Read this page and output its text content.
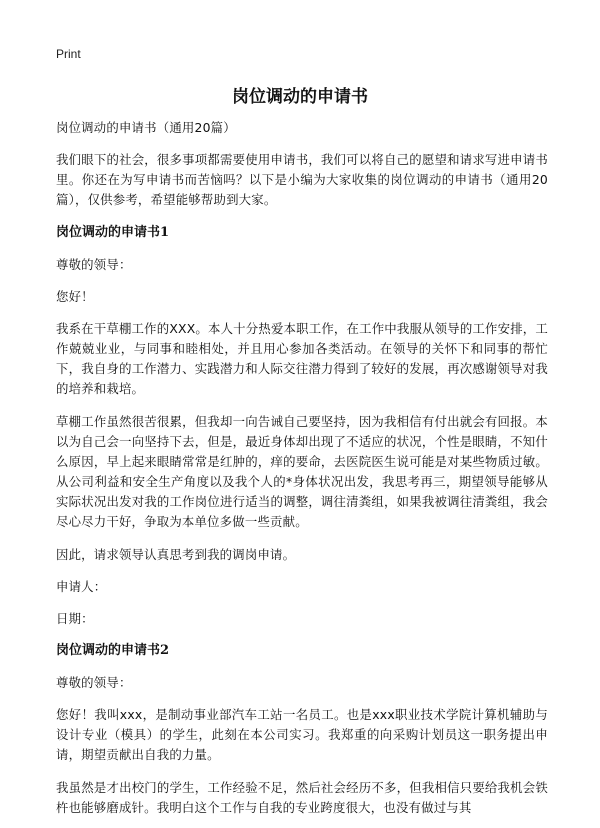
Print
岗位调动的申请书

岗位调动的申请书（通用20篇）

我们眼下的社会，很多事项都需要使用申请书，我们可以将自己的愿望和请求写进申请书里。你还在为写申请书而苦恼吗？以下是小编为大家收集的岗位调动的申请书（通用20篇），仅供参考，希望能够帮助到大家。

岗位调动的申请书1

尊敬的领导：

您好！

我系在干草棚工作的XXX。本人十分热爱本职工作，在工作中我服从领导的工作安排，工作兢兢业业，与同事和睦相处，并且用心参加各类活动。在领导的关怀下和同事的帮忙下，我自身的工作潜力、实践潜力和人际交往潜力得到了较好的发展，再次感谢领导对我的培养和栽培。

草棚工作虽然很苦很累，但我却一向告诫自己要坚持，因为我相信有付出就会有回报。本以为自己会一向坚持下去，但是，最近身体却出现了不适应的状况，个性是眼睛，不知什么原因，早上起来眼睛常常是红肿的，痒的要命，去医院医生说可能是对某些物质过敏。从公司利益和安全生产角度以及我个人的*身体状况出发，我思考再三，期望领导能够从实际状况出发对我的工作岗位进行适当的调整，调往清粪组，如果我被调往清粪组，我会尽心尽力干好，争取为本单位多做一些贡献。

因此，请求领导认真思考到我的调岗申请。

申请人：

日期：

岗位调动的申请书2

尊敬的领导：

您好！我叫xxx，是制动事业部汽车工站一名员工。也是xxx职业技术学院计算机辅助与设计专业（模具）的学生，此刻在本公司实习。我郑重的向采购计划员这一职务提出申请，期望贡献出自我的力量。

我虽然是才出校门的学生，工作经验不足，然后社会经历不多，但我相信只要给我机会铁杵也能够磨成针。我明白这个工作与自我的专业跨度很大，也没有做过与其
